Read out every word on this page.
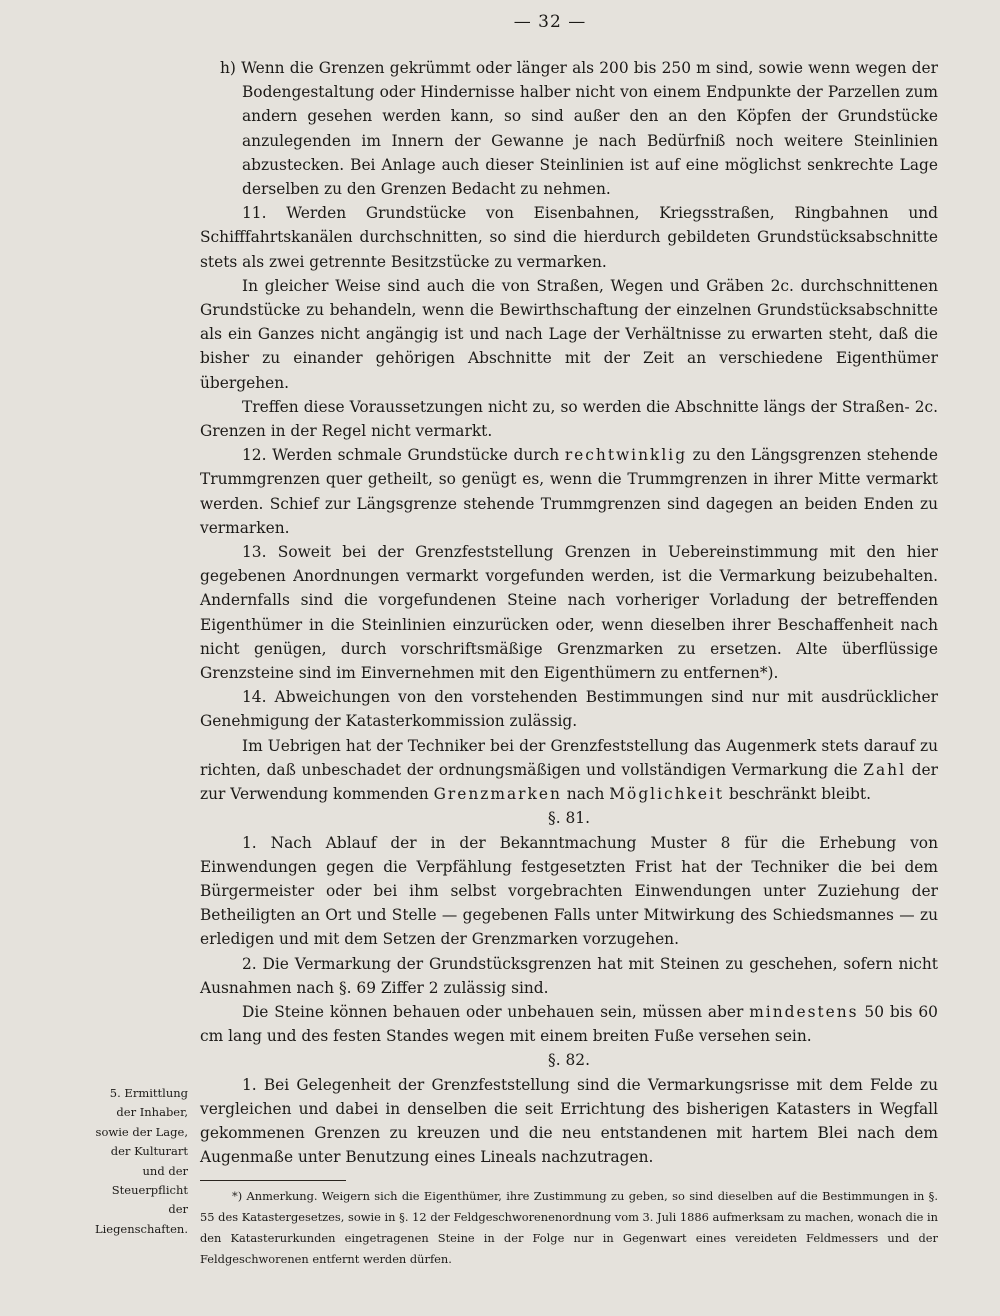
— 32 —

h) Wenn die Grenzen gekrümmt oder länger als 200 bis 250 m sind, sowie wenn wegen der Bodengestaltung oder Hindernisse halber nicht von einem Endpunkte der Parzellen zum andern gesehen werden kann, so sind außer den an den Köpfen der Grundstücke anzulegenden im Innern der Gewanne je nach Bedürfniß noch weitere Steinlinien abzustecken. Bei Anlage auch dieser Steinlinien ist auf eine möglichst senkrechte Lage derselben zu den Grenzen Bedacht zu nehmen.

11. Werden Grundstücke von Eisenbahnen, Kriegsstraßen, Ringbahnen und Schifffahrtskanälen durchschnitten, so sind die hierdurch gebildeten Grundstücksabschnitte stets als zwei getrennte Besitzstücke zu vermarken.

In gleicher Weise sind auch die von Straßen, Wegen und Gräben 2c. durchschnittenen Grundstücke zu behandeln, wenn die Bewirthschaftung der einzelnen Grundstücksabschnitte als ein Ganzes nicht angängig ist und nach Lage der Verhältnisse zu erwarten steht, daß die bisher zu einander gehörigen Abschnitte mit der Zeit an verschiedene Eigenthümer übergehen.

Treffen diese Voraussetzungen nicht zu, so werden die Abschnitte längs der Straßen- 2c. Grenzen in der Regel nicht vermarkt.

12. Werden schmale Grundstücke durch rechtwinklig zu den Längsgrenzen stehende Trummgrenzen quer getheilt, so genügt es, wenn die Trummgrenzen in ihrer Mitte vermarkt werden. Schief zur Längsgrenze stehende Trummgrenzen sind dagegen an beiden Enden zu vermarken.

13. Soweit bei der Grenzfeststellung Grenzen in Uebereinstimmung mit den hier gegebenen Anordnungen vermarkt vorgefunden werden, ist die Vermarkung beizubehalten. Andernfalls sind die vorgefundenen Steine nach vorheriger Vorladung der betreffenden Eigenthümer in die Steinlinien einzurücken oder, wenn dieselben ihrer Beschaffenheit nach nicht genügen, durch vorschriftsmäßige Grenzmarken zu ersetzen. Alte überflüssige Grenzsteine sind im Einvernehmen mit den Eigenthümern zu entfernen*).

14. Abweichungen von den vorstehenden Bestimmungen sind nur mit ausdrücklicher Genehmigung der Katasterkommission zulässig.

Im Uebrigen hat der Techniker bei der Grenzfeststellung das Augenmerk stets darauf zu richten, daß unbeschadet der ordnungsmäßigen und vollständigen Vermarkung die Zahl der zur Verwendung kommenden Grenzmarken nach Möglichkeit beschränkt bleibt.

§. 81.

1. Nach Ablauf der in der Bekanntmachung Muster 8 für die Erhebung von Einwendungen gegen die Verpfählung festgesetzten Frist hat der Techniker die bei dem Bürgermeister oder bei ihm selbst vorgebrachten Einwendungen unter Zuziehung der Betheiligten an Ort und Stelle — gegebenen Falls unter Mitwirkung des Schiedsmannes — zu erledigen und mit dem Setzen der Grenzmarken vorzugehen.

2. Die Vermarkung der Grundstücksgrenzen hat mit Steinen zu geschehen, sofern nicht Ausnahmen nach §. 69 Ziffer 2 zulässig sind.

Die Steine können behauen oder unbehauen sein, müssen aber mindestens 50 bis 60 cm lang und des festen Standes wegen mit einem breiten Fuße versehen sein.

§. 82.

1. Bei Gelegenheit der Grenzfeststellung sind die Vermarkungsrisse mit dem Felde zu vergleichen und dabei in denselben die seit Errichtung des bisherigen Katasters in Wegfall gekommenen Grenzen zu kreuzen und die neu entstandenen mit hartem Blei nach dem Augenmaße unter Benutzung eines Lineals nachzutragen.

5. Ermittlung

der Inhaber,

sowie der Lage,

der Kulturart

und der

Steuerpflicht

der

Liegenschaften.

*) Anmerkung. Weigern sich die Eigenthümer, ihre Zustimmung zu geben, so sind dieselben auf die Bestimmungen in §. 55 des Katastergesetzes, sowie in §. 12 der Feldgeschworenenordnung vom 3. Juli 1886 aufmerksam zu machen, wonach die in den Katasterurkunden eingetragenen Steine in der Folge nur in Gegenwart eines vereideten Feldmessers und der Feldgeschworenen entfernt werden dürfen.
